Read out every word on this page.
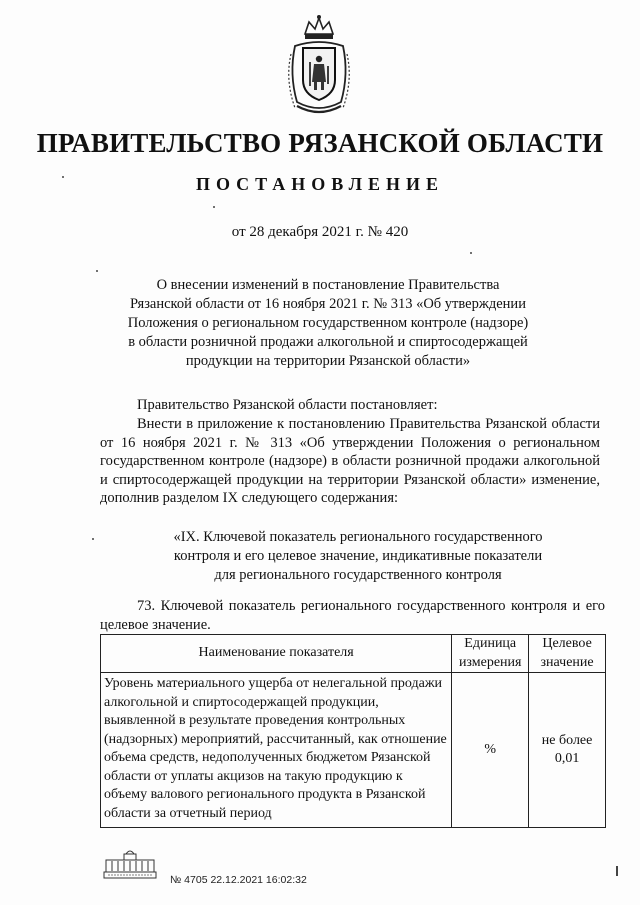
ПРАВИТЕЛЬСТВО РЯЗАНСКОЙ ОБЛАСТИ
ПОСТАНОВЛЕНИЕ
от 28 декабря 2021 г. № 420
О внесении изменений в постановление Правительства
Рязанской области от 16 ноября 2021 г. № 313 «Об утверждении
Положения о региональном государственном контроле (надзоре)
в области розничной продажи алкогольной и спиртосодержащей
продукции на территории Рязанской области»
Правительство Рязанской области постановляет:
Внести в приложение к постановлению Правительства Рязанской области от 16 ноября 2021 г. № 313 «Об утверждении Положения о региональном государственном контроле (надзоре) в области розничной продажи алкогольной и спиртосодержащей продукции на территории Рязанской области» изменение, дополнив разделом IX следующего содержания:
«IX. Ключевой показатель регионального государственного
контроля и его целевое значение, индикативные показатели
для регионального государственного контроля
73. Ключевой показатель регионального государственного контроля и его целевое значение.
Наименование показателя	Единица измерения	Целевое значение
Уровень материального ущерба от нелегальной продажи алкогольной и спиртосодержащей продукции, выявленной в результате проведения контрольных (надзорных) мероприятий, рассчитанный, как отношение объема средств, недополученных бюджетом Рязанской области от уплаты акцизов на такую продукцию к объему валового регионального продукта в Рязанской области за отчетный период	%	не более 0,01
№ 4705 22.12.2021 16:02:32
